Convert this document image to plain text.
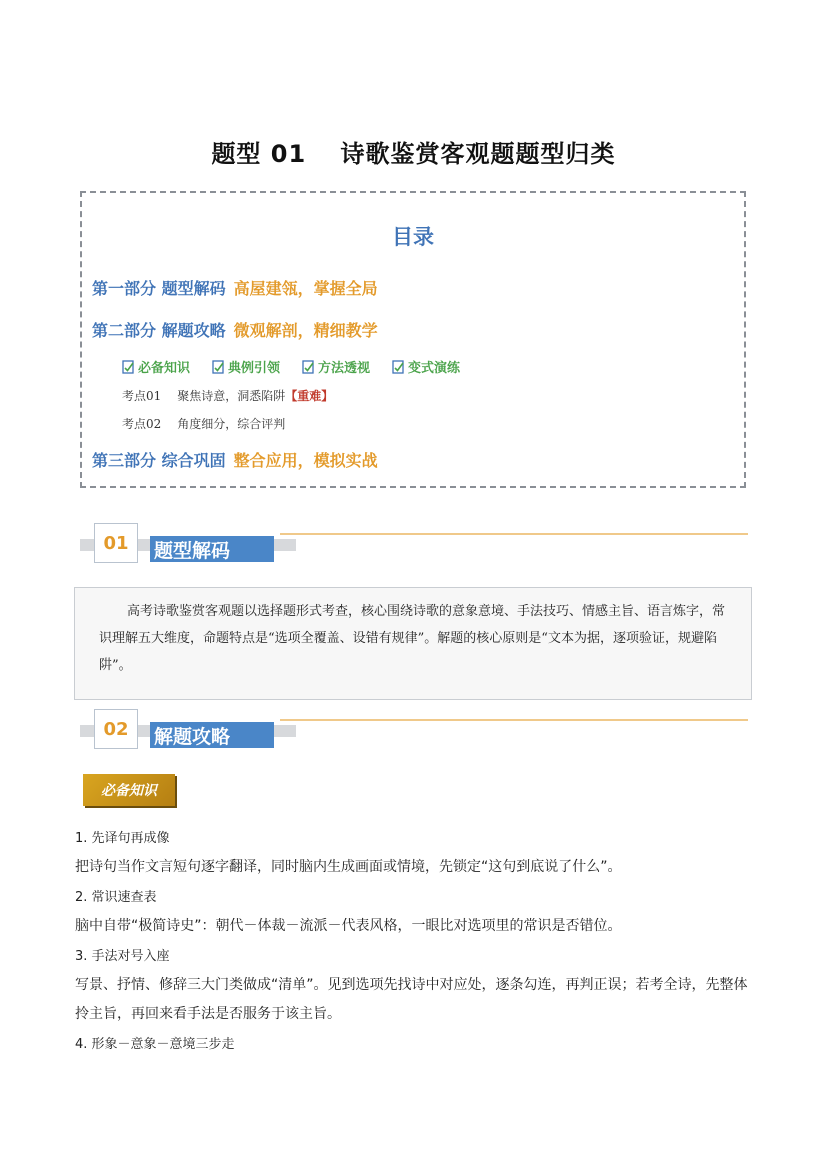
题型 01　 诗歌鉴赏客观题题型归类
目录
第一部分 题型解码 高屋建瓴，掌握全局
第二部分 解题攻略 微观解剖，精细教学
必备知识	典例引领	方法透视	变式演练
考点01 聚焦诗意，洞悉陷阱【重难】
考点02 角度细分，综合评判
第三部分 综合巩固 整合应用，模拟实战
01	题型解码
高考诗歌鉴赏客观题以选择题形式考查，核心围绕诗歌的意象意境、手法技巧、情感主旨、语言炼字，常识理解五大维度，命题特点是“选项全覆盖、设错有规律”。解题的核心原则是“文本为据，逐项验证，规避陷阱”。
02	解题攻略
必备知识
1. 先译句再成像
把诗句当作文言短句逐字翻译，同时脑内生成画面或情境，先锁定“这句到底说了什么”。
2. 常识速查表
脑中自带“极简诗史”：朝代－体裁－流派－代表风格，一眼比对选项里的常识是否错位。
3. 手法对号入座
写景、抒情、修辞三大门类做成“清单”。见到选项先找诗中对应处，逐条勾连，再判正误；若考全诗，先整体拎主旨，再回来看手法是否服务于该主旨。
4. 形象－意象－意境三步走
